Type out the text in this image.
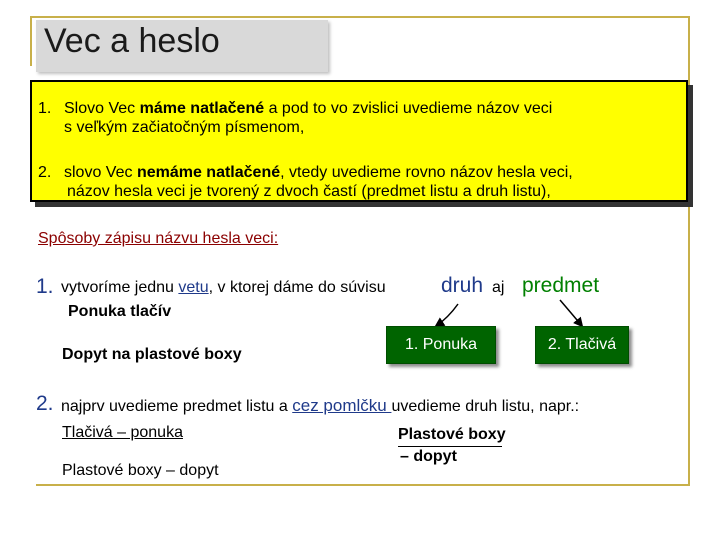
Vec a heslo
1. Slovo Vec máme natlačené a pod to vo zvislici uvedieme názov veci
s veľkým začiatočným písmenom,
2. slovo Vec nemáme natlačené, vtedy uvedieme rovno názov hesla veci,
názov hesla veci je tvorený z dvoch častí (predmet listu a druh listu),
Spôsoby zápisu názvu hesla veci:
1. vytvoríme jednu vetu, v ktorej dáme do súvisu	druh aj predmet
Ponuka tlačív
Dopyt na plastové boxy
1. Ponuka	2. Tlačivá
2. najprv uvedieme predmet listu a cez pomlčku uvedieme druh listu, napr.:
Tlačivá – ponuka
Plastové boxy – dopyt
Plastové boxy
– dopyt
